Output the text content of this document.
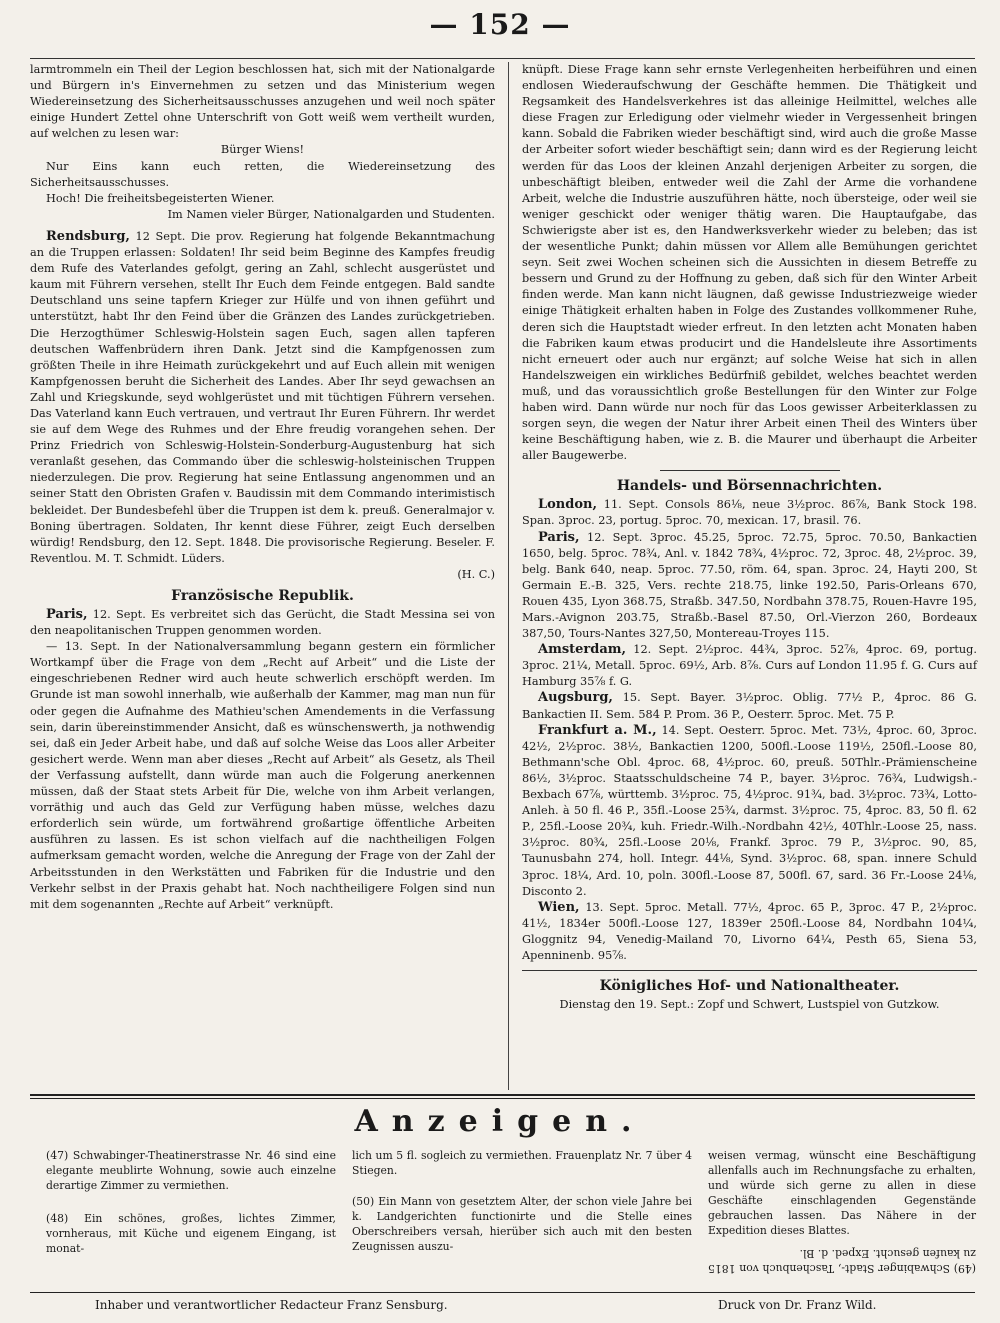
— 152 —

larmtrommeln ein Theil der Legion beschlossen hat, sich mit der Nationalgarde und Bürgern in's Einvernehmen zu setzen und das Ministerium wegen Wiedereinsetzung des Sicherheitsausschusses anzugehen und weil noch später einige Hundert Zettel ohne Unterschrift von Gott weiß wem vertheilt wurden, auf welchen zu lesen war:

Bürger Wiens!

Nur Eins kann euch retten, die Wiedereinsetzung des Sicherheitsausschusses.

Hoch! Die freiheitsbegeisterten Wiener.

Im Namen vieler Bürger, Nationalgarden und Studenten.

Rendsburg, 12 Sept. Die prov. Regierung hat folgende Bekanntmachung an die Truppen erlassen: Soldaten! Ihr seid beim Beginne des Kampfes freudig dem Rufe des Vaterlandes gefolgt, gering an Zahl, schlecht ausgerüstet und kaum mit Führern versehen, stellt Ihr Euch dem Feinde entgegen. Bald sandte Deutschland uns seine tapfern Krieger zur Hülfe und von ihnen geführt und unterstützt, habt Ihr den Feind über die Gränzen des Landes zurückgetrieben. Die Herzogthümer Schleswig-Holstein sagen Euch, sagen allen tapferen deutschen Waffenbrüdern ihren Dank. Jetzt sind die Kampfgenossen zum größten Theile in ihre Heimath zurückgekehrt und auf Euch allein mit wenigen Kampfgenossen beruht die Sicherheit des Landes. Aber Ihr seyd gewachsen an Zahl und Kriegskunde, seyd wohlgerüstet und mit tüchtigen Führern versehen. Das Vaterland kann Euch vertrauen, und vertraut Ihr Euren Führern. Ihr werdet sie auf dem Wege des Ruhmes und der Ehre freudig vorangehen sehen. Der Prinz Friedrich von Schleswig-Holstein-Sonderburg-Augustenburg hat sich veranlaßt gesehen, das Commando über die schleswig-holsteinischen Truppen niederzulegen. Die prov. Regierung hat seine Entlassung angenommen und an seiner Statt den Obristen Grafen v. Baudissin mit dem Commando interimistisch bekleidet. Der Bundesbefehl über die Truppen ist dem k. preuß. Generalmajor v. Boning übertragen. Soldaten, Ihr kennt diese Führer, zeigt Euch derselben würdig! Rendsburg, den 12. Sept. 1848. Die provisorische Regierung. Beseler. F. Reventlou. M. T. Schmidt. Lüders.

(H. C.)

Französische Republik.

Paris, 12. Sept. Es verbreitet sich das Gerücht, die Stadt Messina sei von den neapolitanischen Truppen genommen worden.

— 13. Sept. In der Nationalversammlung begann gestern ein förmlicher Wortkampf über die Frage von dem „Recht auf Arbeit“ und die Liste der eingeschriebenen Redner wird auch heute schwerlich erschöpft werden. Im Grunde ist man sowohl innerhalb, wie außerhalb der Kammer, mag man nun für oder gegen die Aufnahme des Mathieu'schen Amendements in die Verfassung sein, darin übereinstimmender Ansicht, daß es wünschenswerth, ja nothwendig sei, daß ein Jeder Arbeit habe, und daß auf solche Weise das Loos aller Arbeiter gesichert werde. Wenn man aber dieses „Recht auf Arbeit“ als Gesetz, als Theil der Verfassung aufstellt, dann würde man auch die Folgerung anerkennen müssen, daß der Staat stets Arbeit für Die, welche von ihm Arbeit verlangen, vorräthig und auch das Geld zur Verfügung haben müsse, welches dazu erforderlich sein würde, um fortwährend großartige öffentliche Arbeiten ausführen zu lassen. Es ist schon vielfach auf die nachtheiligen Folgen aufmerksam gemacht worden, welche die Anregung der Frage von der Zahl der Arbeitsstunden in den Werkstätten und Fabriken für die Industrie und den Verkehr selbst in der Praxis gehabt hat. Noch nachtheiligere Folgen sind nun mit dem sogenannten „Rechte auf Arbeit“ verknüpft.

knüpft. Diese Frage kann sehr ernste Verlegenheiten herbeiführen und einen endlosen Wiederaufschwung der Geschäfte hemmen. Die Thätigkeit und Regsamkeit des Handelsverkehres ist das alleinige Heilmittel, welches alle diese Fragen zur Erledigung oder vielmehr wieder in Vergessenheit bringen kann. Sobald die Fabriken wieder beschäftigt sind, wird auch die große Masse der Arbeiter sofort wieder beschäftigt sein; dann wird es der Regierung leicht werden für das Loos der kleinen Anzahl derjenigen Arbeiter zu sorgen, die unbeschäftigt bleiben, entweder weil die Zahl der Arme die vorhandene Arbeit, welche die Industrie auszuführen hätte, noch übersteige, oder weil sie weniger geschickt oder weniger thätig waren. Die Hauptaufgabe, das Schwierigste aber ist es, den Handwerksverkehr wieder zu beleben; das ist der wesentliche Punkt; dahin müssen vor Allem alle Bemühungen gerichtet seyn. Seit zwei Wochen scheinen sich die Aussichten in diesem Betreffe zu bessern und Grund zu der Hoffnung zu geben, daß sich für den Winter Arbeit finden werde. Man kann nicht läugnen, daß gewisse Industriezweige wieder einige Thätigkeit erhalten haben in Folge des Zustandes vollkommener Ruhe, deren sich die Hauptstadt wieder erfreut. In den letzten acht Monaten haben die Fabriken kaum etwas producirt und die Handelsleute ihre Assortiments nicht erneuert oder auch nur ergänzt; auf solche Weise hat sich in allen Handelszweigen ein wirkliches Bedürfniß gebildet, welches beachtet werden muß, und das voraussichtlich große Bestellungen für den Winter zur Folge haben wird. Dann würde nur noch für das Loos gewisser Arbeiterklassen zu sorgen seyn, die wegen der Natur ihrer Arbeit einen Theil des Winters über keine Beschäftigung haben, wie z. B. die Maurer und überhaupt die Arbeiter aller Baugewerbe.

Handels- und Börsennachrichten.

London, 11. Sept. Consols 86⅛, neue 3½proc. 86⅞, Bank Stock 198. Span. 3proc. 23, portug. 5proc. 70, mexican. 17, brasil. 76.

Paris, 12. Sept. 3proc. 45.25, 5proc. 72.75, 5proc. 70.50, Bankactien 1650, belg. 5proc. 78¾, Anl. v. 1842 78¾, 4½proc. 72, 3proc. 48, 2½proc. 39, belg. Bank 640, neap. 5proc. 77.50, röm. 64, span. 3proc. 24, Hayti 200, St Germain E.-B. 325, Vers. rechte 218.75, linke 192.50, Paris-Orleans 670, Rouen 435, Lyon 368.75, Straßb. 347.50, Nordbahn 378.75, Rouen-Havre 195, Mars.-Avignon 203.75, Straßb.-Basel 87.50, Orl.-Vierzon 260, Bordeaux 387,50, Tours-Nantes 327,50, Montereau-Troyes 115.

Amsterdam, 12. Sept. 2½proc. 44¾, 3proc. 52⅞, 4proc. 69, portug. 3proc. 21¼, Metall. 5proc. 69½, Arb. 8⅞. Curs auf London 11.95 f. G. Curs auf Hamburg 35⅞ f. G.

Augsburg, 15. Sept. Bayer. 3½proc. Oblig. 77½ P., 4proc. 86 G. Bankactien II. Sem. 584 P. Prom. 36 P., Oesterr. 5proc. Met. 75 P.

Frankfurt a. M., 14. Sept. Oesterr. 5proc. Met. 73½, 4proc. 60, 3proc. 42½, 2½proc. 38½, Bankactien 1200, 500fl.-Loose 119½, 250fl.-Loose 80, Bethmann'sche Obl. 4proc. 68, 4½proc. 60, preuß. 50Thlr.-Prämienscheine 86½, 3½proc. Staatsschuldscheine 74 P., bayer. 3½proc. 76¾, Ludwigsh.-Bexbach 67⅞, württemb. 3½proc. 75, 4½proc. 91¾, bad. 3½proc. 73¾, Lotto-Anleh. à 50 fl. 46 P., 35fl.-Loose 25¾, darmst. 3½proc. 75, 4proc. 83, 50 fl. 62 P., 25fl.-Loose 20¾, kuh. Friedr.-Wilh.-Nordbahn 42½, 40Thlr.-Loose 25, nass. 3½proc. 80¾, 25fl.-Loose 20⅛, Frankf. 3proc. 79 P., 3½proc. 90, 85, Taunusbahn 274, holl. Integr. 44⅛, Synd. 3½proc. 68, span. innere Schuld 3proc. 18¼, Ard. 10, poln. 300fl.-Loose 87, 500fl. 67, sard. 36 Fr.-Loose 24⅛, Disconto 2.

Wien, 13. Sept. 5proc. Metall. 77½, 4proc. 65 P., 3proc. 47 P., 2½proc. 41½, 1834er 500fl.-Loose 127, 1839er 250fl.-Loose 84, Nordbahn 104¼, Gloggnitz 94, Venedig-Mailand 70, Livorno 64¼, Pesth 65, Siena 53, Apenninenb. 95⅞.

Königliches Hof- und Nationaltheater.

Dienstag den 19. Sept.: Zopf und Schwert, Lustspiel von Gutzkow.

Anzeigen.

(47) Schwabinger-Theatinerstrasse Nr. 46 sind eine elegante meublirte Wohnung, sowie auch einzelne derartige Zimmer zu vermiethen.

(48) Ein schönes, großes, lichtes Zimmer, vornheraus, mit Küche und eigenem Eingang, ist monat-

lich um 5 fl. sogleich zu vermiethen. Frauenplatz Nr. 7 über 4 Stiegen.

(50) Ein Mann von gesetztem Alter, der schon viele Jahre bei k. Landgerichten functionirte und die Stelle eines Oberschreibers versah, hierüber sich auch mit den besten Zeugnissen auszu-

weisen vermag, wünscht eine Beschäftigung allenfalls auch im Rechnungsfache zu erhalten, und würde sich gerne zu allen in diese Geschäfte einschlagenden Gegenstände gebrauchen lassen. Das Nähere in der Expedition dieses Blattes.

(49) Schwabinger Stadt-, Taschenbuch von 1815 zu kaufen gesucht. Exped. d. Bl.
Inhaber und verantwortlicher Redacteur Franz Sensburg.	Druck von Dr. Franz Wild.
